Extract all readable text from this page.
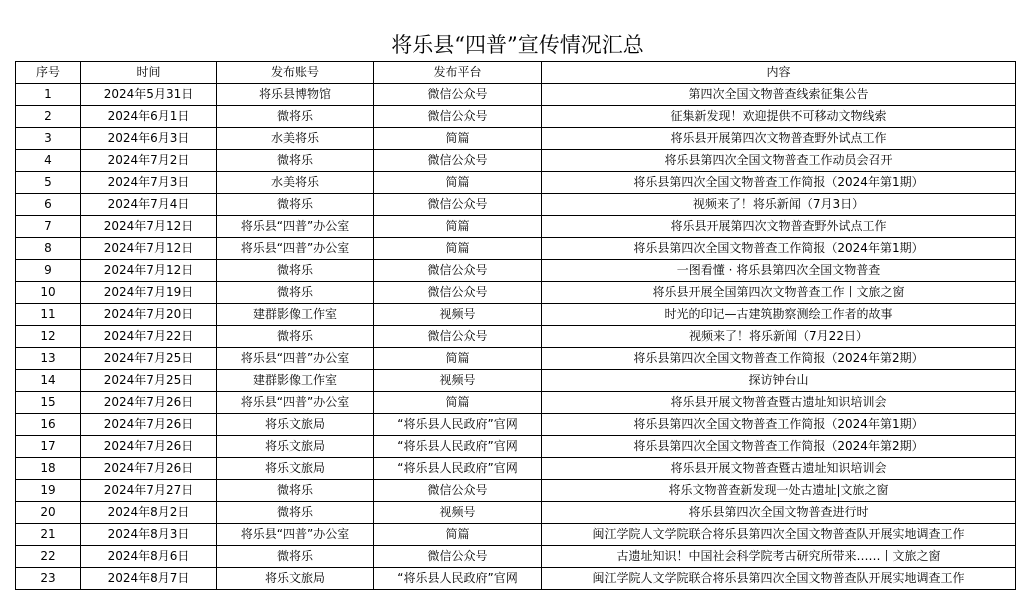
将乐县“四普”宣传情况汇总
序号	时间	发布账号	发布平台	内容
1	2024年5月31日	将乐县博物馆	微信公众号	第四次全国文物普查线索征集公告
2	2024年6月1日	微将乐	微信公众号	征集新发现！欢迎提供不可移动文物线索
3	2024年6月3日	水美将乐	简篇	将乐县开展第四次文物普查野外试点工作
4	2024年7月2日	微将乐	微信公众号	将乐县第四次全国文物普查工作动员会召开
5	2024年7月3日	水美将乐	简篇	将乐县第四次全国文物普查工作简报（2024年第1期）
6	2024年7月4日	微将乐	微信公众号	视频来了！将乐新闻（7月3日）
7	2024年7月12日	将乐县“四普”办公室	简篇	将乐县开展第四次文物普查野外试点工作
8	2024年7月12日	将乐县“四普”办公室	简篇	将乐县第四次全国文物普查工作简报（2024年第1期）
9	2024年7月12日	微将乐	微信公众号	一图看懂 · 将乐县第四次全国文物普查
10	2024年7月19日	微将乐	微信公众号	将乐县开展全国第四次文物普查工作丨文旅之窗
11	2024年7月20日	建群影像工作室	视频号	时光的印记—古建筑勘察测绘工作者的故事
12	2024年7月22日	微将乐	微信公众号	视频来了！将乐新闻（7月22日）
13	2024年7月25日	将乐县“四普”办公室	简篇	将乐县第四次全国文物普查工作简报（2024年第2期）
14	2024年7月25日	建群影像工作室	视频号	探访钟台山
15	2024年7月26日	将乐县“四普”办公室	简篇	将乐县开展文物普查暨古遗址知识培训会
16	2024年7月26日	将乐文旅局	“将乐县人民政府”官网	将乐县第四次全国文物普查工作简报（2024年第1期）
17	2024年7月26日	将乐文旅局	“将乐县人民政府”官网	将乐县第四次全国文物普查工作简报（2024年第2期）
18	2024年7月26日	将乐文旅局	“将乐县人民政府”官网	将乐县开展文物普查暨古遗址知识培训会
19	2024年7月27日	微将乐	微信公众号	将乐文物普查新发现一处古遗址|文旅之窗
20	2024年8月2日	微将乐	视频号	将乐县第四次全国文物普查进行时
21	2024年8月3日	将乐县“四普”办公室	简篇	闽江学院人文学院联合将乐县第四次全国文物普查队开展实地调查工作
22	2024年8月6日	微将乐	微信公众号	古遗址知识！中国社会科学院考古研究所带来……丨文旅之窗
23	2024年8月7日	将乐文旅局	“将乐县人民政府”官网	闽江学院人文学院联合将乐县第四次全国文物普查队开展实地调查工作
